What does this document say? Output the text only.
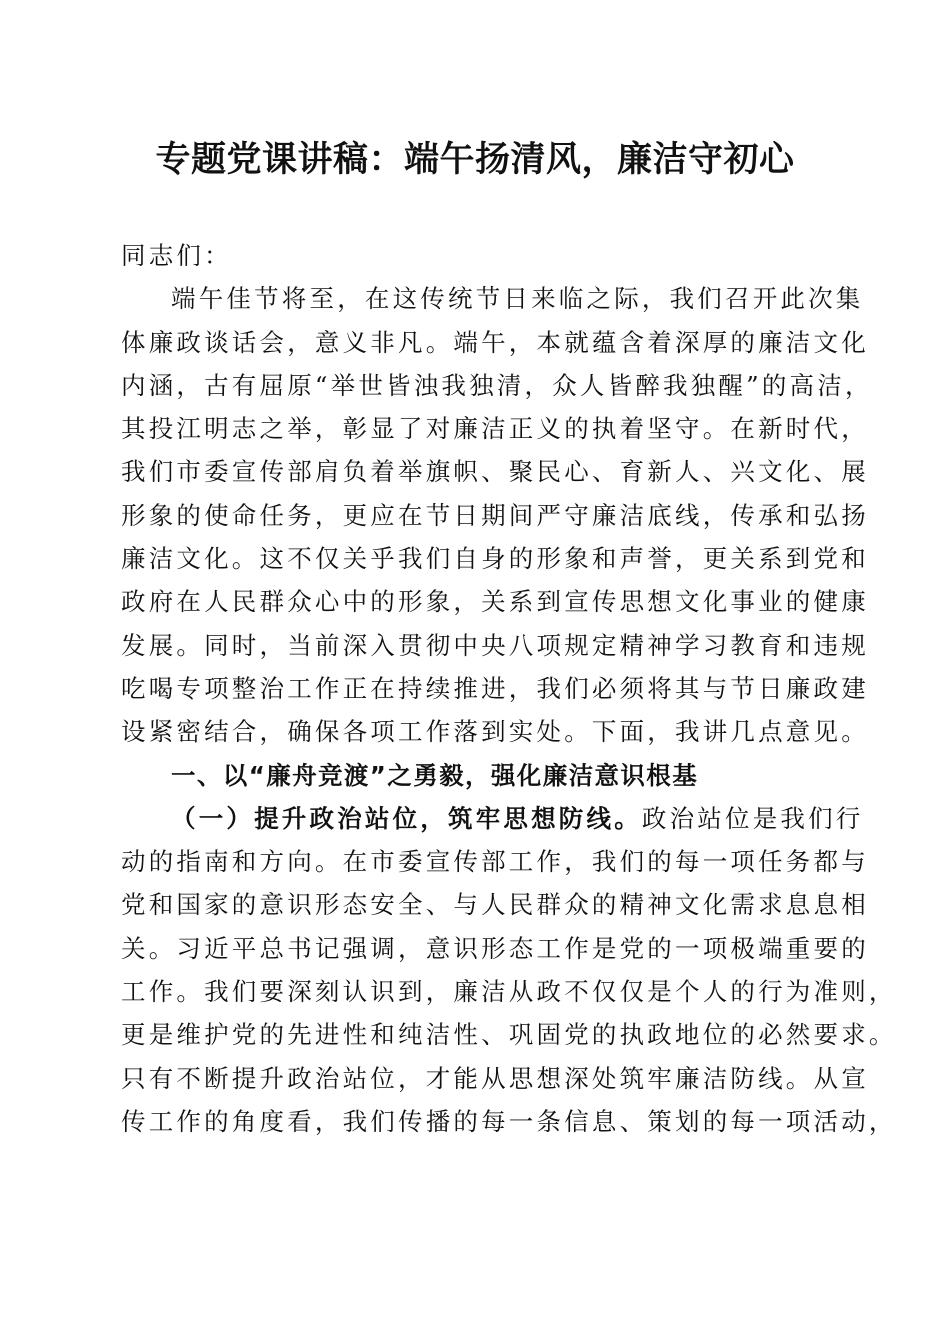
专题党课讲稿：端午扬清风，廉洁守初心
同志们：
端午佳节将至，在这传统节日来临之际，我们召开此次集
体廉政谈话会，意义非凡。端午，本就蕴含着深厚的廉洁文化
内涵，古有屈原“举世皆浊我独清，众人皆醉我独醒”的高洁，
其投江明志之举，彰显了对廉洁正义的执着坚守。在新时代，
我们市委宣传部肩负着举旗帜、聚民心、育新人、兴文化、展
形象的使命任务，更应在节日期间严守廉洁底线，传承和弘扬
廉洁文化。这不仅关乎我们自身的形象和声誉，更关系到党和
政府在人民群众心中的形象，关系到宣传思想文化事业的健康
发展。同时，当前深入贯彻中央八项规定精神学习教育和违规
吃喝专项整治工作正在持续推进，我们必须将其与节日廉政建
设紧密结合，确保各项工作落到实处。下面，我讲几点意见。
一、以“廉舟竞渡”之勇毅，强化廉洁意识根基
（一）提升政治站位，筑牢思想防线。政治站位是我们行
动的指南和方向。在市委宣传部工作，我们的每一项任务都与
党和国家的意识形态安全、与人民群众的精神文化需求息息相
关。习近平总书记强调，意识形态工作是党的一项极端重要的
工作。我们要深刻认识到，廉洁从政不仅仅是个人的行为准则，
更是维护党的先进性和纯洁性、巩固党的执政地位的必然要求。
只有不断提升政治站位，才能从思想深处筑牢廉洁防线。从宣
传工作的角度看，我们传播的每一条信息、策划的每一项活动，
